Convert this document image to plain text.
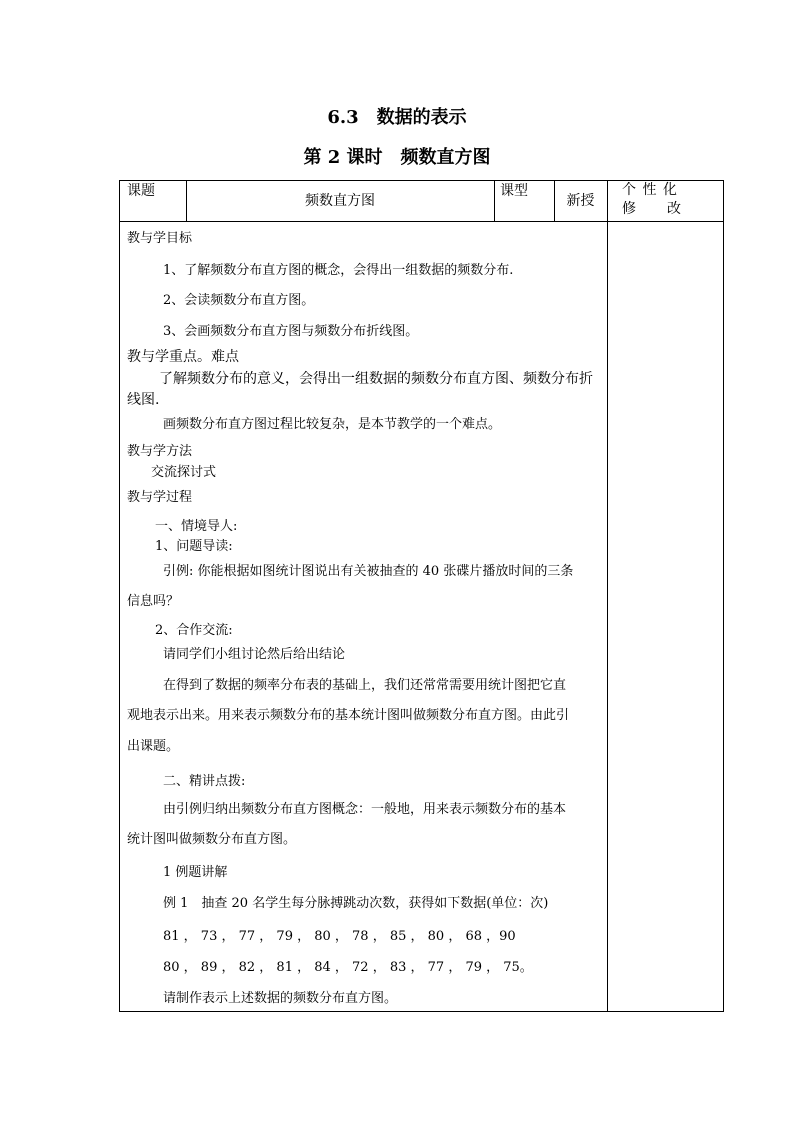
6.3　数据的表示
第 2 课时　频数直方图
课题
频数直方图
课型
新授
个 性 化
修　　改
教与学目标
1、了解频数分布直方图的概念，会得出一组数据的频数分布.
2、会读频数分布直方图。
3、会画频数分布直方图与频数分布折线图。
教与学重点。难点
了解频数分布的意义，会得出一组数据的频数分布直方图、频数分布折线图.
画频数分布直方图过程比较复杂，是本节教学的一个难点。
教与学方法
交流探讨式
教与学过程
一、情境导人:
1、问题导读:
引例: 你能根据如图统计图说出有关被抽查的 40 张碟片播放时间的三条
信息吗？
2、合作交流:
请同学们小组讨论然后给出结论
在得到了数据的频率分布表的基础上，我们还常常需要用统计图把它直
观地表示出来。用来表示频数分布的基本统计图叫做频数分布直方图。由此引
出课题。
二、精讲点拨:
由引例归纳出频数分布直方图概念：一般地，用来表示频数分布的基本
统计图叫做频数分布直方图。
1 例题讲解
例 1　抽查 20 名学生每分脉搏跳动次数，获得如下数据(单位：次)
81 ， 73 ， 77 ， 79 ， 80 ， 78 ， 85 ， 80 ， 68 ，90
80 ， 89 ， 82 ， 81 ， 84 ， 72 ， 83 ， 77 ， 79 ， 75。
请制作表示上述数据的频数分布直方图。
